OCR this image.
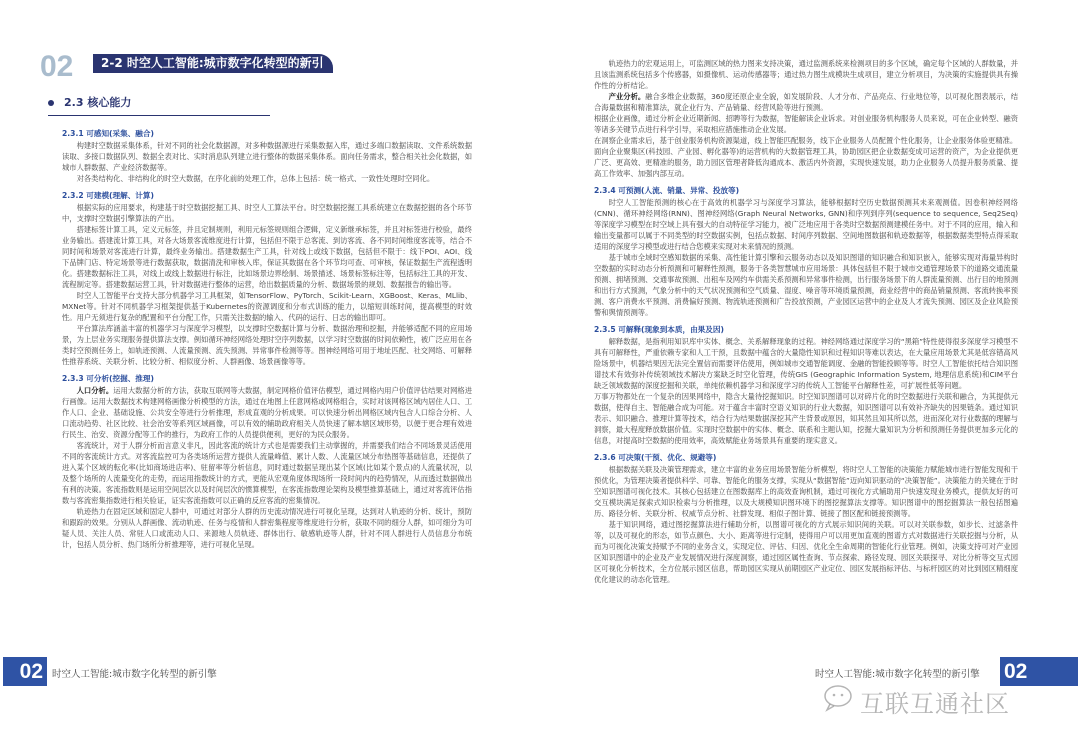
02	2-2 时空人工智能:城市数字化转型的新引擎
2.3 核心能力
2.3.1 可感知(采集、融合)

构建时空数据采集体系，针对不同的社会化数据源，对多种数据源进行采集数据入库，通过多端口数据读取、文件系统数据读取、多接口数据队列、数据全表对比、实时消息队列建立进行整体的数据采集体系。面向任务需求，整合相关社会化数据，如城市人群数据、产业经济数据等。

对各类结构化、非结构化的时空大数据，在序化前的处理工作，总体上包括：统一格式、一致性处理时空同化。

2.3.2 可建模(理解、计算)

根据实际的应用要求，构建基于时空数据挖掘工具、时空人工算法平台。时空数据挖掘工具系统建立在数据挖掘的各个环节中，支撑时空数据引擎算法的产出。

搭建标签计算工具，定义元标签，并且定制规则，利用元标签规则组合逻辑，定义新继承标签，并且对标签进行校验，最终业务输出。搭建流计算工具，对各大场景客流维度进行计算，包括但不限于总客流、到访客流、各不同时间维度客流等，结合不同时间和场景对客流进行计算，最终业务输出。搭建数据生产工具，针对线上或线下数据，包括但不限于：线下POI、AOI、线下品牌门店、特定场景等进行数据获取，数据清洗和审核入库，保证其数据在各个环节均可查、可审核，保证数据生产流程透明化。搭建数据标注工具，对线上或线上数据进行标注，比如场景边界绘制、场景描述、场景标签标注等，包括标注工具的开发、流程制定等。搭建数据运营工具，针对数据进行整体的运营，给出数据质量的分析、数据场景的规划、数据报告的输出等。

时空人工智能平台支持大部分机器学习工具框架，如TensorFlow、PyTorch、Scikit-Learn、XGBoost、Keras、MLlib、MXNet等。针对不同机器学习框架提供基于Kubernetes的资源调度和分布式训练的能力，以缩短训练时间，提高模型的时效性。用户无须进行复杂的配置和平台分配工作，只需关注数据的输入、代码的运行、日志的输出即可。

平台算法库涵盖丰富的机器学习与深度学习模型，以支撑时空数据计算与分析、数据治理和挖掘，并能够适配不同的应用场景，为上层业务实现服务提供算法支撑。例如循环神经网络处理时空序列数据，以学习时空数据的时间依赖性，被广泛应用在各类时空预测任务上，如轨迹预测、人流量预测、流失预测、异常事件检测等等。图神经网络可用于地址匹配、社交网络、可解释性推荐系统、关联分析、比较分析、相似度分析、人群画像、场景画像等等。

2.3.3 可分析(挖掘、推理)

人口分析。运用大数据分析的方法，获取互联网等大数据，制定网格价值评估模型，通过网格内用户价值评估结果对网格进行画像。运用大数据技术构建网格画像分析模型的方法，通过在地图上任意网格或网格组合，实时对该网格区域内居住人口、工作人口、企业、基础设施、公共安全等进行分析推理，形成直观的分析成果。可以快速分析出网格区域内包含人口综合分析、人口流动趋势、社区比较、社会治安等系列区域画像，可以有效的辅助政府相关人员快速了解本辖区域形势，以便于更合理有效进行民生、治安、资源分配等工作的推行，为政府工作的人员提供便利，更好的为民众服务。

客流统计，对于人群分析而言意义非凡，因此客流的统计方式也是需要我们主动掌握的，并需要我们结合不同场景灵活使用不同的客流统计方式。对客流监控可为各类场所运营方提供人流量峰值、累计人数、人流量区域分布热图等基础信息，还提供了进入某个区域的転化率(比如商场进店率)、驻留率等分析信息，同时通过数据呈现出某个区域(比如某个景点)的人流量状况，以及整个场所的人流量变化的走势，而运用指数统计的方式，更能从宏观角度体现场所一段时间内的趋势情况，从而透过数据做出有利的决策。客流指数则是运用空间层次以及时间层次的惯算模型，在客流指数理论架构及模型推算基础上，通过对客流评估指数与客流密集指数进行相关验证，证实客流指数可以正确的反应客流的密集情况。

轨迹热力在固定区域和固定人群中，可通过对部分人群的历史流动情况进行可视化呈现，达到对人轨迹的分析、统计，预防和跟踪的效果。分别从人群画像、流动轨迹、任务与疫情和人群密集程度等维度进行分析，获取不同的细分人群，如可细分为可疑人员、关注人员、常驻人口或流动人口、来源地人员轨迹、群体出行、敏感轨迹等人群，针对不同人群进行人员信息分布统计，包括人员分析、热门场所分析推理等，进行可视化呈现。

轨迹热力的宏观运用上，可监测区域的热力图来支持决策，通过监测系统来检测项目的多个区域，确定每个区域的人群数量，并且该监测系统包括多个传感器，如摄像机、运动传感器等；通过热力图生成模块生成项目，建立分析项目，为决策的实施提供具有操作性的分析结论。

产业分析。融合多维企业数据，360度还原企业全貌，如发展阶段、人才分布、产品亮点、行业地位等，以可视化图表展示，结合海量数据和精准算法，就企业行为、产品销量、经营风险等进行预测。

根据企业画像，通过分析企业近期新闻、招聘等行为数据，智能解读企业诉求。对创业服务机构服务人员来说，可在企业转型、融资等诸多关键节点进行科学引导，采取相应措施推动企业发展。

在洞察企业需求后，基于创业服务机构资源渠道，线上智能匹配服务，线下企业服务人员配置个性化服务，让企业服务体验更精准。

面向企业聚集区(科技园、产业园、孵化器等)的运营机构的大数据管理工具，协助园区把企业数据变成可运营的资产，为企业提供更广泛、更高效、更精准的服务，助力园区管理者降低沟通成本、激活内外资源，实现快速发展，助力企业服务人员提升服务质量、提高工作效率、加强内部互动。

2.3.4 可预测(人流、销量、异常、投放等)

时空人工智能预测的核心在于高效的机器学习与深度学习算法，能够根据时空历史数据预测其未来观测值。因卷积神经网络(CNN)、循环神经网络(RNN)、图神经网络(Graph Neural Networks, GNN)和序列到序列(sequence to sequence, Seq2Seq)等深度学习模型在时空域上具有强大的自动特征学习能力，被广泛地应用于各类时空数据预测建模任务中。对于不同的应用，输入和输出变量都可以属于不同类型的时空数据实例，包括点数据、时间序列数据、空间地图数据和轨迹数据等，根据数据类型特点得采取适用的深度学习模型或进行结合您模来实现对未来情况的预测。

基于城市全域时空感知数据的采集、高性能计算引擎和云服务动态以及知识图谱的知识融合和知识嵌入，能够实现对海量异构时空数据的实时动态分析预测和可解释性预测，服务于各类智慧城市应用场景：具体包括但不限于城市交通管理场景下的道路交通流量预测、拥堵预测、交通事故预测、出租车及网约车供需关系预测和异常事件检测，出行服务场景下的人群流量预测、出行目的地预测和出行方式预测，气象分析中的天气状况预测和空气质量、湿度、噪音等环境质量预测，商业经营中的商品销量预测、客流转换率预测、客户消费水平预测、消费偏好预测、物流轨迹预测和广告投放预测，产业园区运营中的企业及人才流失预测、园区及企业风险预警和舆情预测等。

2.3.5 可解释(现象到本质，由果及因)

解释数据，是指利用知识库中实体、概念、关系解释现象的过程。神经网络通过深度学习的“黑箱”特性使得很多深度学习模型不具有可解释性，严重依赖专家和人工干预，且数据中蕴含的大量隐性知识和过程知识等难以表达，在大量应用场景尤其是低容错高风险场景中，机器结果因无法完全置信而需要评估使用，例如城市交通智能调度、金融的智能投顾等等。时空人工智能依托结合知识图谱技术有效弥补传统领域技术解决方案缺乏时空化管理，传统GIS (Geographic Information System, 地理信息系统)和CIM平台缺乏领域数据的深度挖掘和关联，单纯依赖机器学习和深度学习的传统人工智能平台解释性差，可扩展性低等问题。

万事万物都处在一个复杂的因果网络中，隐含大量待挖掘知识。时空知识图谱可以对碎片化的时空数据进行关联和融合，为其提供元数据，使得自主、智能融合成为可能。对于蕴含丰富时空语义知识的行业大数据，知识图谱可以有效补齐缺失的因果链条。通过知识表示、知识融合、推理计算等技术，结合行为结果数据深挖其产生背景或原因，知其然且知其所以然，进而深化对行业数据的理解与洞察，最大程度释放数据价值。实现时空数据中的实体、概念、联系和主题认知，挖掘大量知识为分析和预测任务提供更加多元化的信息，对提高时空数据的使用效率，高效赋能业务场景具有重要的现实意义。

2.3.6 可决策(干预、优化、规避等)

根据数据关联及决策管理需求，建立丰富的业务应用场景智能分析模型，将时空人工智能的决策能力赋能城市进行智能发现和干预优化，为管理决策者提供科学、可靠、智能化的服务支撑，实现从“数据智能”迈向知识驱动的“决策智能”。决策能力的关键在于时空知识图谱可视化技术。其核心包括建立在图数据库上的高效查询机制，通过可视化方式辅助用户快速发现业务模式，提供友好的可交互模块满足探索式知识检索与分析推理，以及大规模知识图环境下的图挖掘算法支撑等。知识图谱中的图挖掘算法一般包括图遍历、路径分析、关联分析、权威节点分析、社群发现、相似子图计算、链接了图区配和链接预测等。

基于知识网络，通过图挖掘算法进行辅助分析，以图谱可视化的方式展示知识间的关联。可以对关联参数，如步长、过滤条件等，以及可视化的形态，如节点颜色、大小、距离等进行定制，使得用户可以用更加直观的图谱方式对数据进行关联挖掘与分析，从而为可视化决策支持赋予不同的业务含义，实现定位、评估、归因、优化全生命周期的智能化行业管理。例如，决策支持可对产业园区知识图谱中的企业及产业发展情况进行深度洞察，通过园区属性查询、节点探索、路径发现、园区关联探寻、对比分析等交互式园区可视化分析技术，全方位展示园区信息，帮助园区实现从前期园区产业定位、园区发展指标评估、与标杆园区的对比到园区精细度优化建议的动态化管理。

02 时空人工智能:城市数字化转型的新引擎	时空人工智能:城市数字化转型的新引擎 02
互联互通社区
